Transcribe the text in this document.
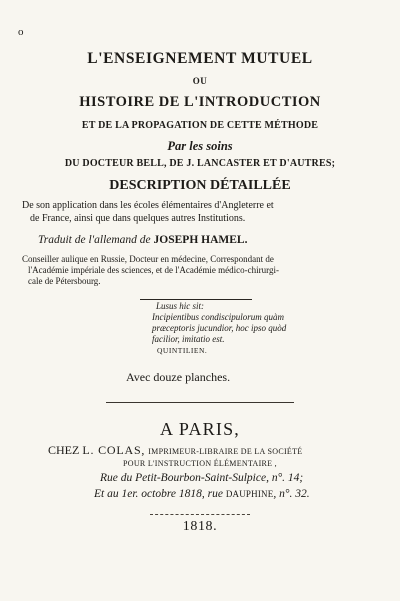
o
L'ENSEIGNEMENT MUTUEL
OU
HISTOIRE DE L'INTRODUCTION
ET DE LA PROPAGATION DE CETTE MÉTHODE
Par les soins
DU DOCTEUR BELL, DE J. LANCASTER ET D'AUTRES;
DESCRIPTION DÉTAILLÉE
De son application dans les écoles élémentaires d'Angleterre et
de France, ainsi que dans quelques autres Institutions.
Traduit de l'allemand de JOSEPH HAMEL.
Conseiller aulique en Russie, Docteur en médecine, Correspondant de
l'Académie impériale des sciences, et de l'Académie médico-chirurgi-
cale de Pétersbourg.
Lusus hic sit:
Incipientibus condiscipulorum quàm
præceptoris jucundior, hoc ipso quòd
facilior, imitatio est.
QUINTILIEN.
Avec douze planches.
A PARIS,
CHEZ L. COLAS, IMPRIMEUR-LIBRAIRE DE LA SOCIÉTÉ
POUR L'INSTRUCTION ÉLÉMENTAIRE ,
Rue du Petit-Bourbon-Saint-Sulpice, n°. 14;
Et au 1er. octobre 1818, rue DAUPHINE, n°. 32.
1818.
